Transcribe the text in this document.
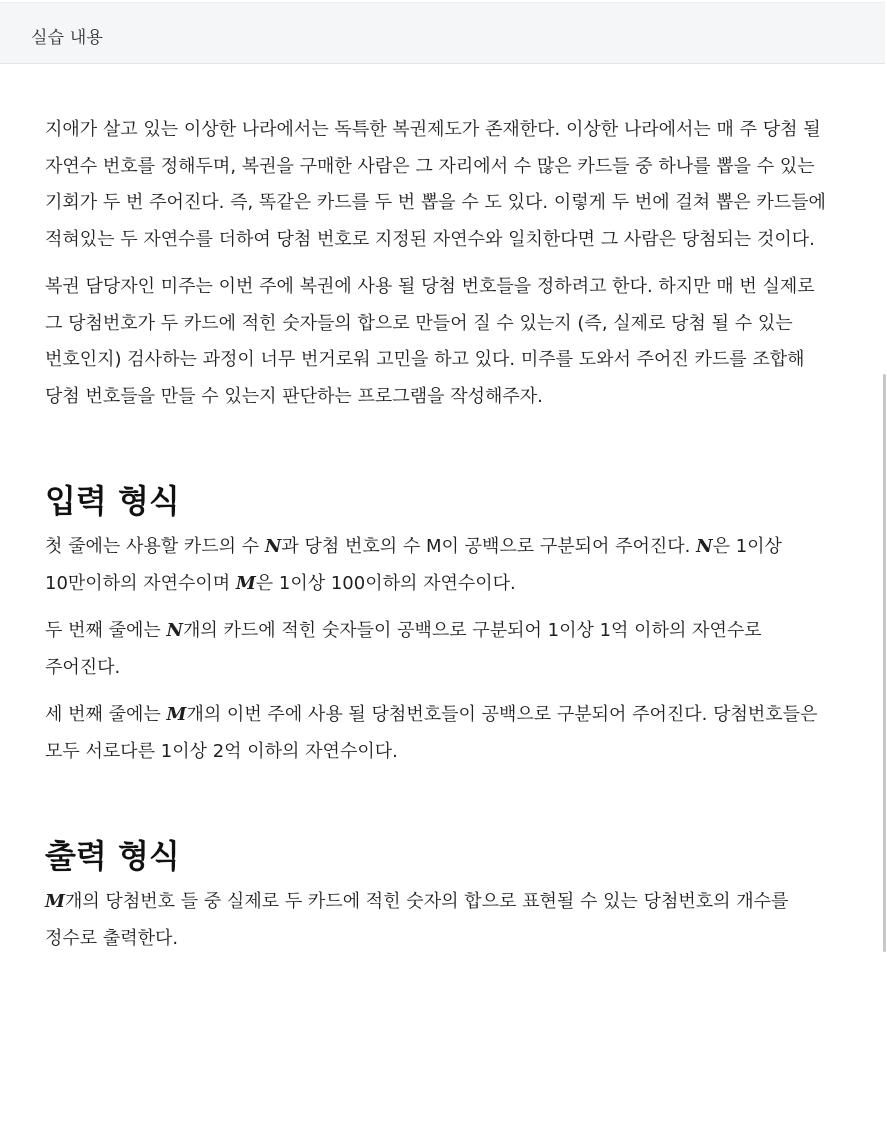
실습 내용

지애가 살고 있는 이상한 나라에서는 독특한 복권제도가 존재한다. 이상한 나라에서는 매 주 당첨 될 자연수 번호를 정해두며, 복권을 구매한 사람은 그 자리에서 수 많은 카드들 중 하나를 뽑을 수 있는 기회가 두 번 주어진다. 즉, 똑같은 카드를 두 번 뽑을 수 도 있다. 이렇게 두 번에 걸쳐 뽑은 카드들에 적혀있는 두 자연수를 더하여 당첨 번호로 지정된 자연수와 일치한다면 그 사람은 당첨되는 것이다.

복권 담당자인 미주는 이번 주에 복권에 사용 될 당첨 번호들을 정하려고 한다. 하지만 매 번 실제로 그 당첨번호가 두 카드에 적힌 숫자들의 합으로 만들어 질 수 있는지 (즉, 실제로 당첨 될 수 있는 번호인지) 검사하는 과정이 너무 번거로워 고민을 하고 있다. 미주를 도와서 주어진 카드를 조합해 당첨 번호들을 만들 수 있는지 판단하는 프로그램을 작성해주자.

입력 형식

첫 줄에는 사용할 카드의 수 N과 당첨 번호의 수 M이 공백으로 구분되어 주어진다. N은 1이상 10만이하의 자연수이며 M은 1이상 100이하의 자연수이다.

두 번째 줄에는 N개의 카드에 적힌 숫자들이 공백으로 구분되어 1이상 1억 이하의 자연수로 주어진다.

세 번째 줄에는 M개의 이번 주에 사용 될 당첨번호들이 공백으로 구분되어 주어진다. 당첨번호들은 모두 서로다른 1이상 2억 이하의 자연수이다.

출력 형식

M개의 당첨번호 들 중 실제로 두 카드에 적힌 숫자의 합으로 표현될 수 있는 당첨번호의 개수를 정수로 출력한다.
